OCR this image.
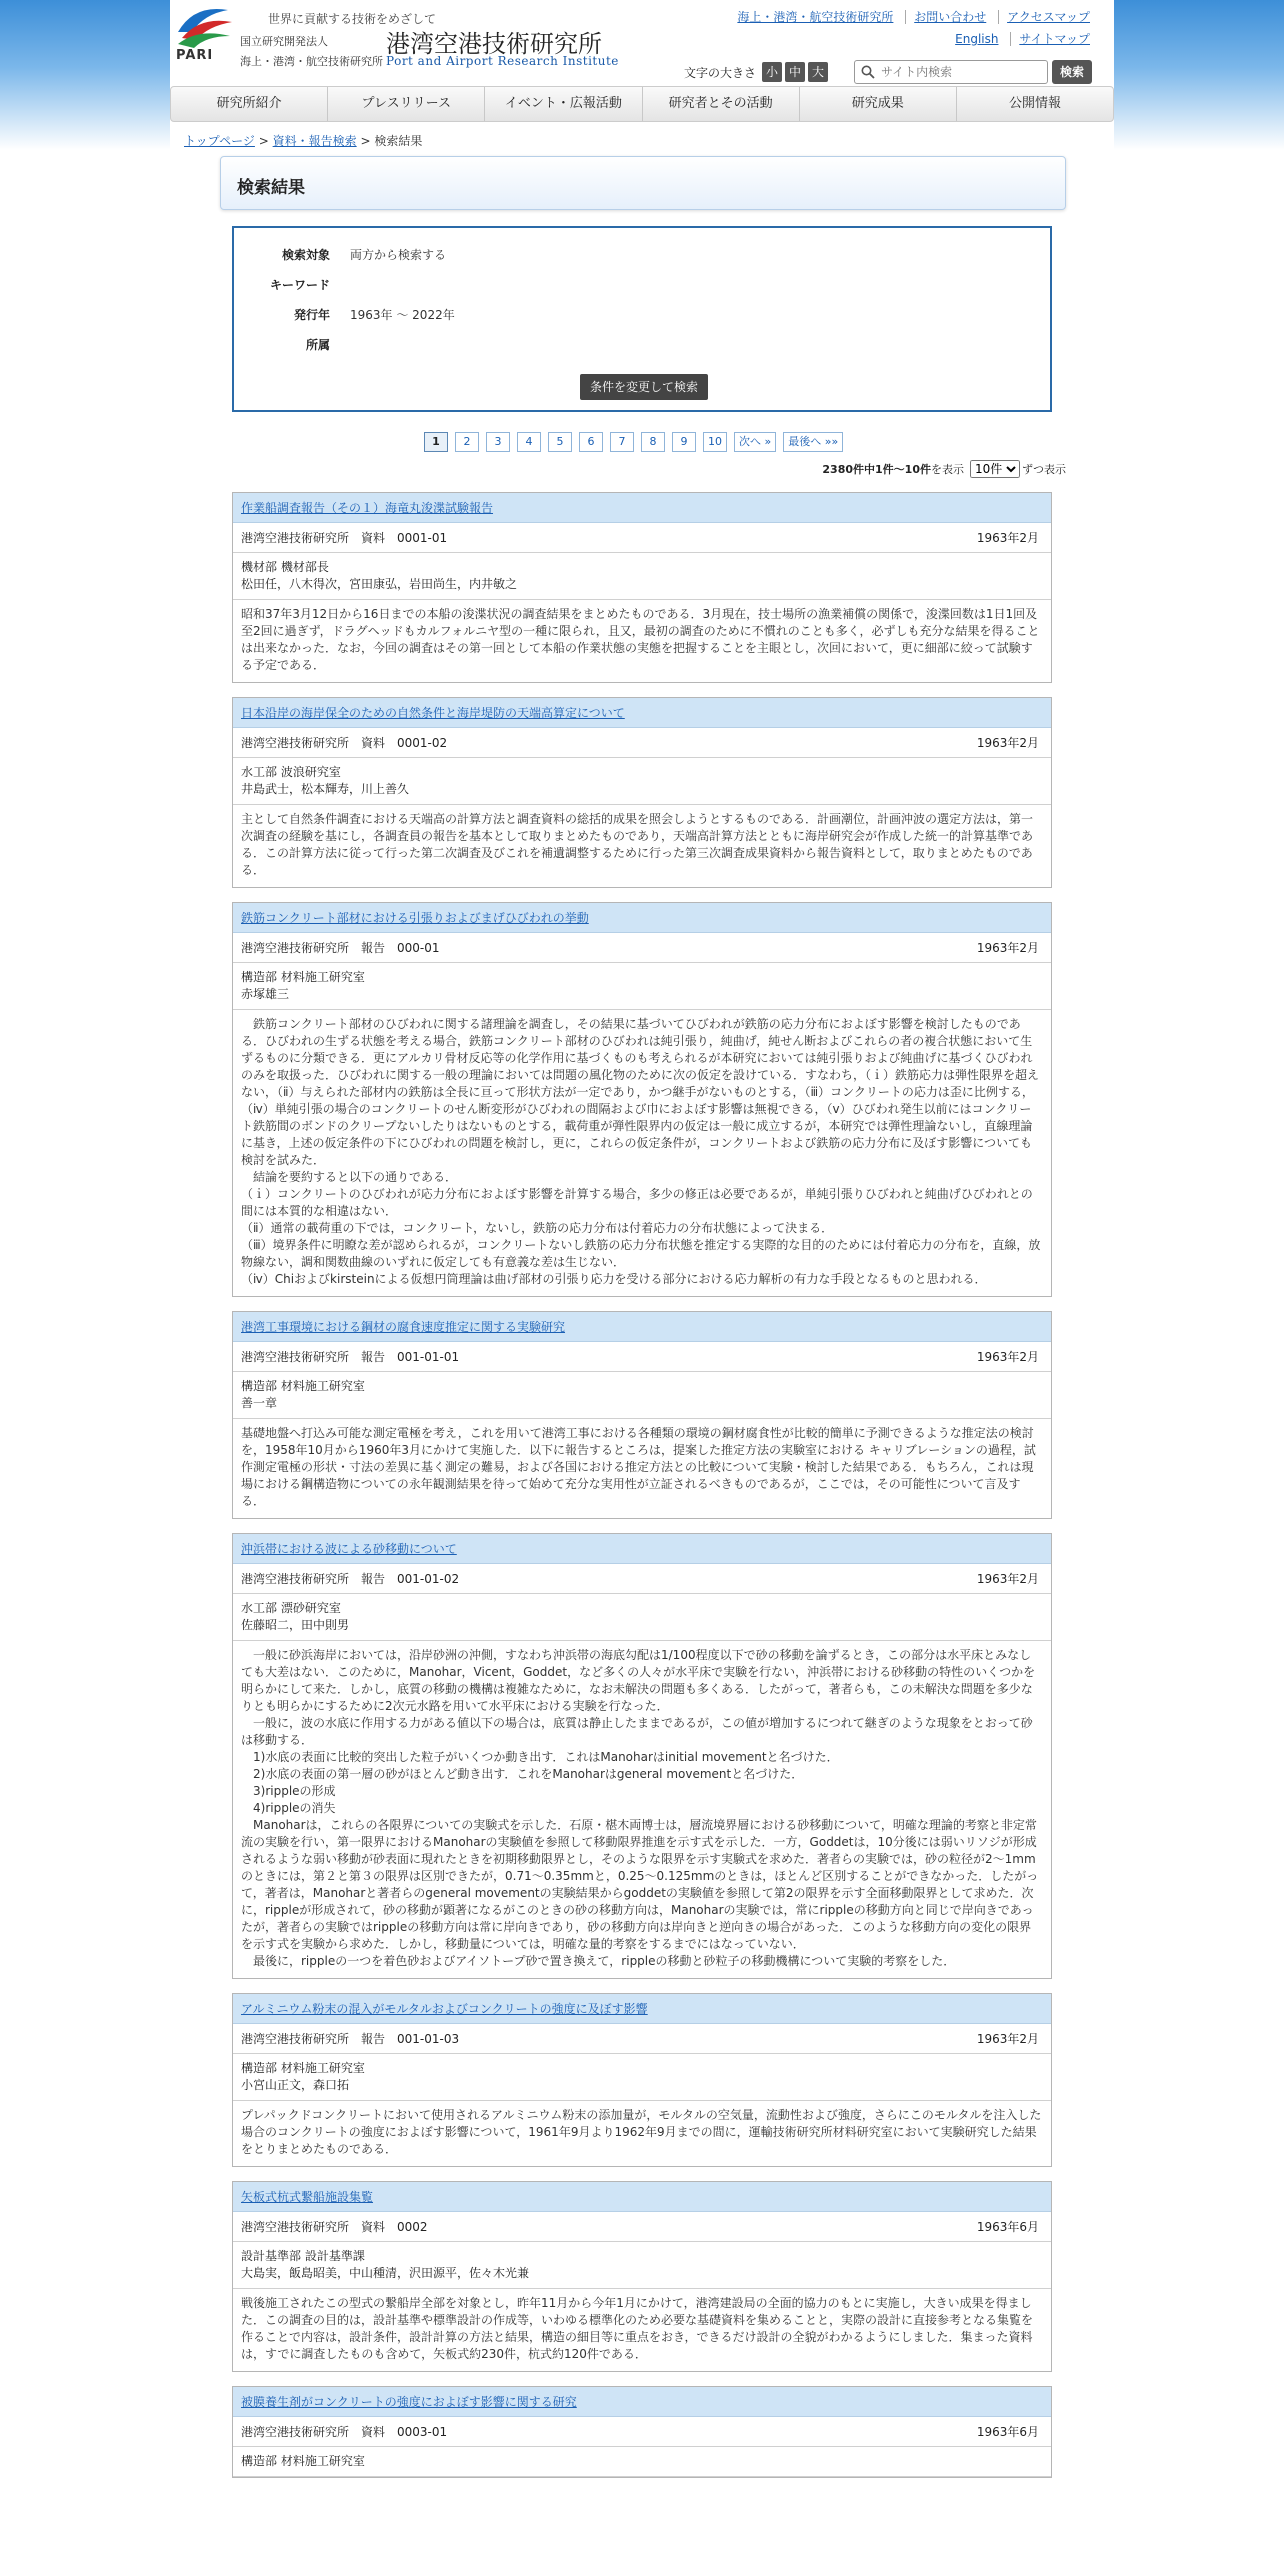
PARI
世界に貢献する技術をめざして
国立研究開発法人
海上・港湾・航空技術研究所
港湾空港技術研究所
Port and Airport Research Institute
海上・港湾・航空技術研究所 お問い合わせ アクセスマップ
English サイトマップ
文字の大きさ 小 中 大
サイト内検索	検索
研究所紹介	プレスリリース	イベント・広報活動	研究者とその活動	研究成果	公開情報
トップページ > 資料・報告検索 > 検索結果
検索結果
検索対象 両方から検索する
キーワード
発行年 1963年 ～ 2022年
所属
条件を変更して検索
1	2	3	4	5	6	7	8	9	10	次へ »	最後へ »»
2380件中 1件～10件 を表示
10件	ずつ表示
作業船調査報告（その１）海竜丸浚渫試験報告
港湾空港技術研究所　資料　0001-01	1963年2月
機材部 機材部長
松田任，八木得次，宮田康弘，岩田尚生，内井敏之
昭和37年3月12日から16日までの本船の浚渫状況の調査結果をまとめたものである．3月現在，技士場所の漁業補償の関係で，浚渫回数は1日1回及至2回に過ぎず，ドラグヘッドもカルフォルニヤ型の一種に限られ，且又，最初の調査のために不慣れのことも多く，必ずしも充分な結果を得ることは出来なかった．なお，今回の調査はその第一回として本船の作業状態の実態を把握することを主眼とし，次回において，更に細部に絞って試験する予定である．
日本沿岸の海岸保全のための自然条件と海岸堤防の天端高算定について
港湾空港技術研究所　資料　0001-02	1963年2月
水工部 波浪研究室
井島武士，松本輝寿，川上善久
主として自然条件調査における天端高の計算方法と調査資料の総括的成果を照会しようとするものである．計画潮位，計画沖波の選定方法は，第一次調査の経験を基にし，各調査員の報告を基本として取りまとめたものであり，天端高計算方法とともに海岸研究会が作成した統一的計算基準である．この計算方法に従って行った第二次調査及びこれを補遺調整するために行った第三次調査成果資料から報告資料として，取りまとめたものである．
鉄筋コンクリート部材における引張りおよびまげひびわれの挙動
港湾空港技術研究所　報告　000-01	1963年2月
構造部 材料施工研究室
赤塚雄三
　鉄筋コンクリート部材のひびわれに関する諸理論を調査し，その結果に基づいてひびわれが鉄筋の応力分布におよぼす影響を検討したものである．ひびわれの生ずる状態を考える場合，鉄筋コンクリート部材のひびわれは純引張り，純曲げ，純せん断およびこれらの者の複合状態において生ずるものに分類できる．更にアルカリ骨材反応等の化学作用に基づくものも考えられるが本研究においては純引張りおよび純曲げに基づくひびわれのみを取扱った．ひびわれに関する一般の理論においては問題の風化物のために次の仮定を設けている．すなわち，（ｉ）鉄筋応力は弾性限界を超えない，（ⅱ）与えられた部材内の鉄筋は全長に亘って形状方法が一定であり，かつ継手がないものとする，（ⅲ）コンクリートの応力は歪に比例する，（ⅳ）単純引張の場合のコンクリートのせん断変形がひびわれの間隔および巾におよぼす影響は無視できる，（ⅴ）ひびわれ発生以前にはコンクリート鉄筋間のボンドのクリープないしたりはないものとする，載荷重が弾性限界内の仮定は一般に成立するが，本研究では弾性理論ないし，直線理論に基き，上述の仮定条件の下にひびわれの問題を検討し，更に，これらの仮定条件が，コンクリートおよび鉄筋の応力分布に及ぼす影響についても検討を試みた．
　結論を要約すると以下の通りである．
（ｉ）コンクリートのひびわれが応力分布におよぼす影響を計算する場合，多少の修正は必要であるが，単純引張りひびわれと純曲げひびわれとの間には本質的な相違はない．
（ⅱ）通常の載荷重の下では，コンクリート，ないし，鉄筋の応力分布は付着応力の分布状態によって決まる．
（ⅲ）境界条件に明瞭な差が認められるが，コンクリートないし鉄筋の応力分布状態を推定する実際的な目的のためには付着応力の分布を，直線，放物線ない，調和関数曲線のいずれに仮定しても有意義な差は生じない．
（ⅳ）Chiおよびkirsteinによる仮想円筒理論は曲げ部材の引張り応力を受ける部分における応力解析の有力な手段となるものと思われる．
港湾工事環境における鋼材の腐食速度推定に関する実験研究
港湾空港技術研究所　報告　001-01-01	1963年2月
構造部 材料施工研究室
善一章
基礎地盤へ打込み可能な測定電極を考え，これを用いて港湾工事における各種類の環境の鋼材腐食性が比較的簡単に予測できるような推定法の検討を，1958年10月から1960年3月にかけて実施した．以下に報告するところは，提案した推定方法の実験室における キャリブレーションの過程，試作測定電極の形状・寸法の差異に基く測定の難易，および各国における推定方法との比較について実験・検討した結果である．もちろん，これは現場における鋼構造物についての永年観測結果を待って始めて充分な実用性が立証されるべきものであるが，ここでは，その可能性について言及する．
沖浜帯における波による砂移動について
港湾空港技術研究所　報告　001-01-02	1963年2月
水工部 漂砂研究室
佐藤昭二，田中則男
　一般に砂浜海岸においては，沿岸砂洲の沖側，すなわち沖浜帯の海底勾配は1/100程度以下で砂の移動を論ずるとき，この部分は水平床とみなしても大差はない．このために，Manohar，Vicent，Goddet，など多くの人々が水平床で実験を行ない，沖浜帯における砂移動の特性のいくつかを明らかにして来た．しかし，底質の移動の機構は複雑なために，なお未解決の問題も多くある．したがって，著者らも，この未解決な問題を多少なりとも明らかにするために2次元水路を用いて水平床における実験を行なった．
　一般に，波の水底に作用する力がある値以下の場合は，底質は静止したままであるが，この値が増加するにつれて継ぎのような現象をとおって砂は移動する．
　1)水底の表面に比較的突出した粒子がいくつか動き出す．これはManoharはinitial movementと名づけた．
　2)水底の表面の第一層の砂がほとんど動き出す．これをManoharはgeneral movementと名づけた．
　3)rippleの形成
　4)rippleの消失
　Manoharは，これらの各限界についての実験式を示した．石原・椹木両博士は，層流境界層における砂移動について，明確な理論的考察と非定常流の実験を行い，第一限界におけるManoharの実験値を参照して移動限界推進を示す式を示した．一方，Goddetは，10分後には弱いリソジが形成されるような弱い移動が砂表面に現れたときを初期移動限界とし，そのような限界を示す実験式を求めた．著者らの実験では，砂の粒径が2～1mmのときには，第２と第３の限界は区別できたが，0.71～0.35mmと，0.25～0.125mmのときは，ほとんど区別することができなかった．したがって，著者は，Manoharと著者らのgeneral movementの実験結果からgoddetの実験値を参照して第2の限界を示す全面移動限界として求めた．次に，rippleが形成されて，砂の移動が顕著になるがこのときの砂の移動方向は，Manoharの実験では，常にrippleの移動方向と同じで岸向きであったが，著者らの実験ではrippleの移動方向は常に岸向きであり，砂の移動方向は岸向きと逆向きの場合があった．このような移動方向の変化の限界を示す式を実験から求めた．しかし，移動量については，明確な量的考察をするまでにはなっていない．
　最後に，rippleの一つを着色砂およびアイソトープ砂で置き換えて，rippleの移動と砂粒子の移動機構について実験的考察をした．
アルミニウム粉末の混入がモルタルおよびコンクリートの強度に及ぼす影響
港湾空港技術研究所　報告　001-01-03	1963年2月
構造部 材料施工研究室
小宮山正文，森口拓
プレパックドコンクリートにおいて使用されるアルミニウム粉末の添加量が，モルタルの空気量，流動性および強度，さらにこのモルタルを注入した場合のコンクリートの強度におよぼす影響について，1961年9月より1962年9月までの間に，運輸技術研究所材料研究室において実験研究した結果をとりまとめたものである．
矢板式杭式繋船施設集覧
港湾空港技術研究所　資料　0002	1963年6月
設計基準部 設計基準課
大島実，飯島昭美，中山種清，沢田源平，佐々木光兼
戦後施工されたこの型式の繋船岸全部を対象とし，昨年11月から今年1月にかけて，港湾建設局の全面的協力のもとに実施し，大きい成果を得ました．この調査の目的は，設計基準や標準設計の作成等，いわゆる標準化のため必要な基礎資料を集めることと，実際の設計に直接参考となる集覧を作ることで内容は，設計条件，設計計算の方法と結果，構造の細目等に重点をおき，できるだけ設計の全貌がわかるようにしました．集まった資料は，すでに調査したものも含めて，矢板式約230件，杭式約120件である．
被膜養生剤がコンクリートの強度におよぼす影響に関する研究
港湾空港技術研究所　資料　0003-01	1963年6月
構造部 材料施工研究室
